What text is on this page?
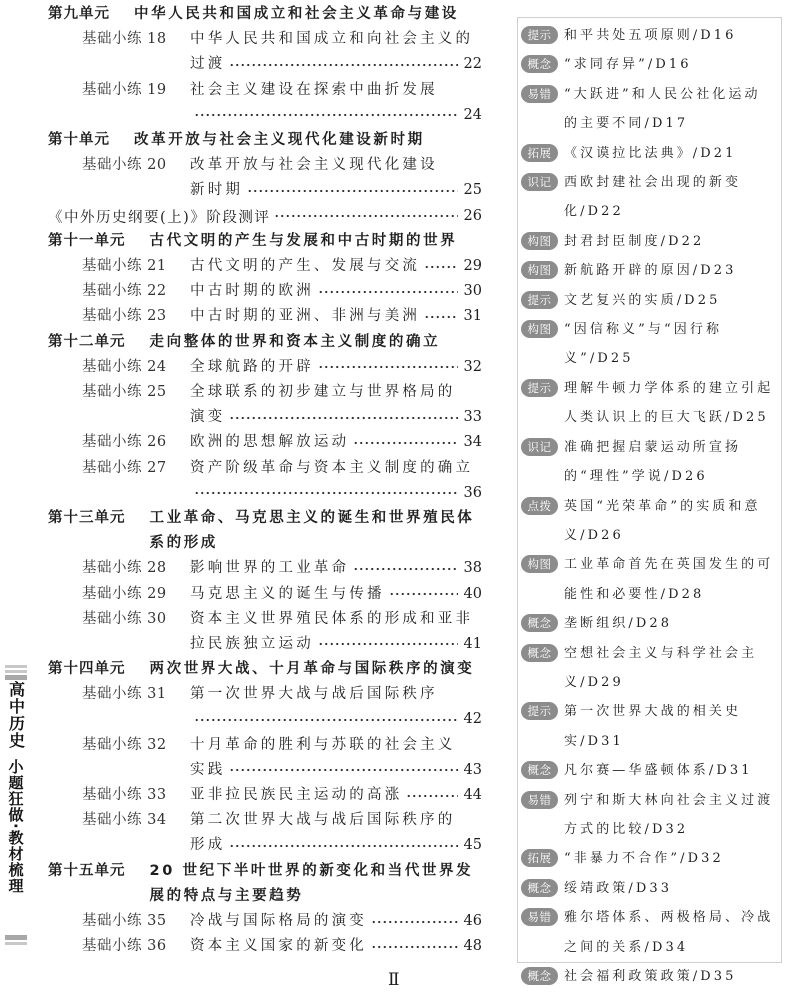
第九单元 中华人民共和国成立和社会主义革命与建设
基础小练 18	中华人民共和国成立和向社会主义的
过渡	22
基础小练 19	社会主义建设在探索中曲折发展
24
第十单元 改革开放与社会主义现代化建设新时期
基础小练 20	改革开放与社会主义现代化建设
新时期	25
《中外历史纲要(上)》阶段测评	26
第十一单元 古代文明的产生与发展和中古时期的世界
基础小练 21	古代文明的产生、发展与交流	29
基础小练 22	中古时期的欧洲	30
基础小练 23	中古时期的亚洲、非洲与美洲	31
第十二单元 走向整体的世界和资本主义制度的确立
基础小练 24	全球航路的开辟	32
基础小练 25	全球联系的初步建立与世界格局的
演变	33
基础小练 26	欧洲的思想解放运动	34
基础小练 27	资产阶级革命与资本主义制度的确立
36
第十三单元 工业革命、马克思主义的诞生和世界殖民体系的形成
基础小练 28	影响世界的工业革命	38
基础小练 29	马克思主义的诞生与传播	40
基础小练 30	资本主义世界殖民体系的形成和亚非
拉民族独立运动	41
第十四单元 两次世界大战、十月革命与国际秩序的演变
基础小练 31	第一次世界大战与战后国际秩序
42
基础小练 32	十月革命的胜利与苏联的社会主义
实践	43
基础小练 33	亚非拉民族民主运动的高涨	44
基础小练 34	第二次世界大战与战后国际秩序的
形成	45
第十五单元 20 世纪下半叶世界的新变化和当代世界发展的特点与主要趋势
基础小练 35	冷战与国际格局的演变	46
基础小练 36	资本主义国家的新变化	48
提示 和平共处五项原则/D16
概念 “求同存异”/D16
易错 “大跃进”和人民公社化运动的主要不同/D17
拓展 《汉谟拉比法典》/D21
识记 西欧封建社会出现的新变化/D22
构图 封君封臣制度/D22
构图 新航路开辟的原因/D23
提示 文艺复兴的实质/D25
构图 “因信称义”与“因行称义”/D25
提示 理解牛顿力学体系的建立引起人类认识上的巨大飞跃/D25
识记 准确把握启蒙运动所宣扬的“理性”学说/D26
点拨 英国“光荣革命”的实质和意义/D26
构图 工业革命首先在英国发生的可能性和必要性/D28
概念 垄断组织/D28
概念 空想社会主义与科学社会主义/D29
提示 第一次世界大战的相关史实/D31
概念 凡尔赛—华盛顿体系/D31
易错 列宁和斯大林向社会主义过渡方式的比较/D32
拓展 “非暴力不合作”/D32
概念 绥靖政策/D33
易错 雅尔塔体系、两极格局、冷战之间的关系/D34
概念 社会福利政策政策/D35
高中历史
小题狂做·教材梳理
Ⅱ
